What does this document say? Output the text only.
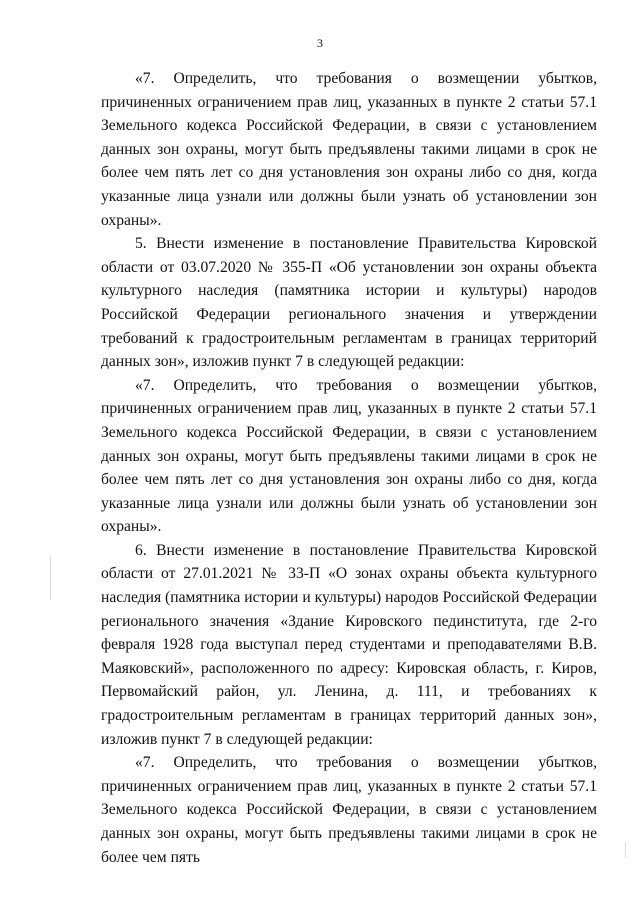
3

«7. Определить, что требования о возмещении убытков, причиненных ограничением прав лиц, указанных в пункте 2 статьи 57.1 Земельного кодекса Российской Федерации, в связи с установлением данных зон охраны, могут быть предъявлены такими лицами в срок не более чем пять лет со дня установления зон охраны либо со дня, когда указанные лица узнали или должны были узнать об установлении зон охраны».

5. Внести изменение в постановление Правительства Кировской области от 03.07.2020 № 355-П «Об установлении зон охраны объекта культурного наследия (памятника истории и культуры) народов Российской Федерации регионального значения и утверждении требований к градостроительным регламентам в границах территорий данных зон», изложив пункт 7 в следующей редакции:

«7. Определить, что требования о возмещении убытков, причиненных ограничением прав лиц, указанных в пункте 2 статьи 57.1 Земельного кодекса Российской Федерации, в связи с установлением данных зон охраны, могут быть предъявлены такими лицами в срок не более чем пять лет со дня установления зон охраны либо со дня, когда указанные лица узнали или должны были узнать об установлении зон охраны».

6. Внести изменение в постановление Правительства Кировской области от 27.01.2021 № 33-П «О зонах охраны объекта культурного наследия (памятника истории и культуры) народов Российской Федерации регионального значения «Здание Кировского пединститута, где 2-го февраля 1928 года выступал перед студентами и преподавателями В.В. Маяковский», расположенного по адресу: Кировская область, г. Киров, Первомайский район, ул. Ленина, д. 111, и требованиях к градостроительным регламентам в границах территорий данных зон», изложив пункт 7 в следующей редакции:

«7. Определить, что требования о возмещении убытков, причиненных ограничением прав лиц, указанных в пункте 2 статьи 57.1 Земельного кодекса Российской Федерации, в связи с установлением данных зон охраны, могут быть предъявлены такими лицами в срок не более чем пять
